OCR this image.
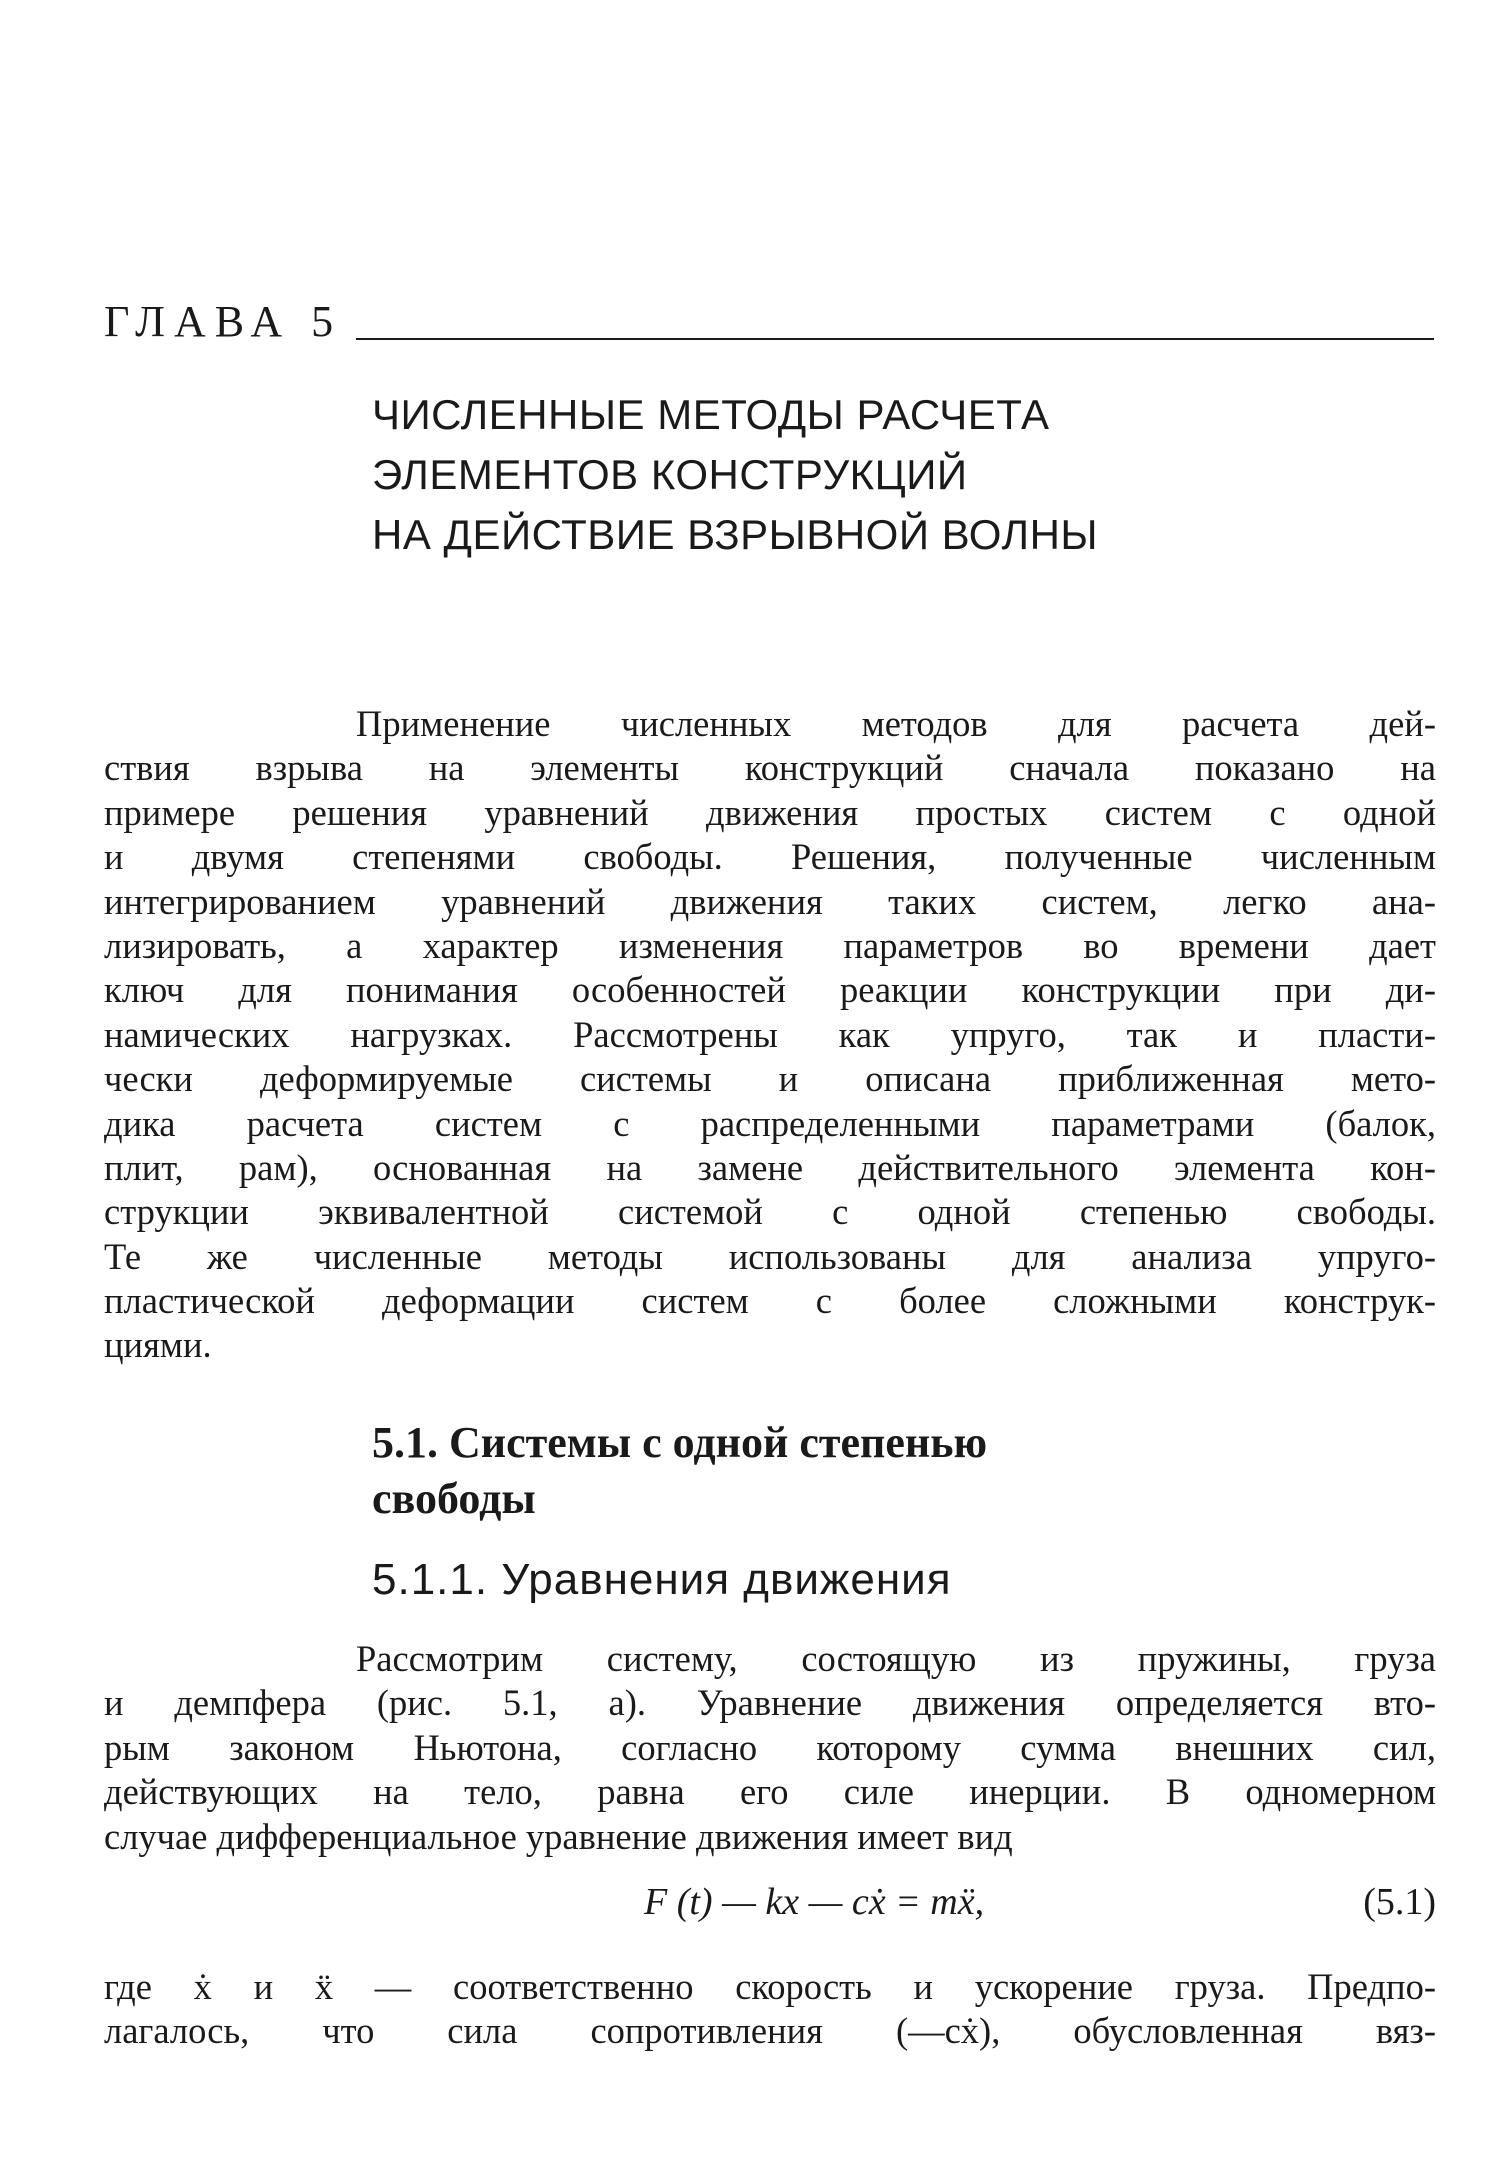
ГЛАВА 5
ЧИСЛЕННЫЕ МЕТОДЫ РАСЧЕТА
ЭЛЕМЕНТОВ КОНСТРУКЦИЙ
НА ДЕЙСТВИЕ ВЗРЫВНОЙ ВОЛНЫ
Применение численных методов для расчета дей-
ствия взрыва на элементы конструкций сначала показано на
примере решения уравнений движения простых систем с одной
и двумя степенями свободы. Решения, полученные численным
интегрированием уравнений движения таких систем, легко ана-
лизировать, а характер изменения параметров во времени дает
ключ для понимания особенностей реакции конструкции при ди-
намических нагрузках. Рассмотрены как упруго, так и пласти-
чески деформируемые системы и описана приближенная мето-
дика расчета систем с распределенными параметрами (балок,
плит, рам), основанная на замене действительного элемента кон-
струкции эквивалентной системой с одной степенью свободы.
Те же численные методы использованы для анализа упруго-
пластической деформации систем с более сложными конструк-
циями.
5.1. Системы с одной степенью
свободы
5.1.1. Уравнения движения
Рассмотрим систему, состоящую из пружины, груза
и демпфера (рис. 5.1, а). Уравнение движения определяется вто-
рым законом Ньютона, согласно которому сумма внешних сил,
действующих на тело, равна его силе инерции. В одномерном
случае дифференциальное уравнение движения имеет вид
F (t) — kx — cẋ = mẍ,	(5.1)
где ẋ и ẍ — соответственно скорость и ускорение груза. Предпо-
лагалось, что сила сопротивления (—cẋ), обусловленная вяз-
